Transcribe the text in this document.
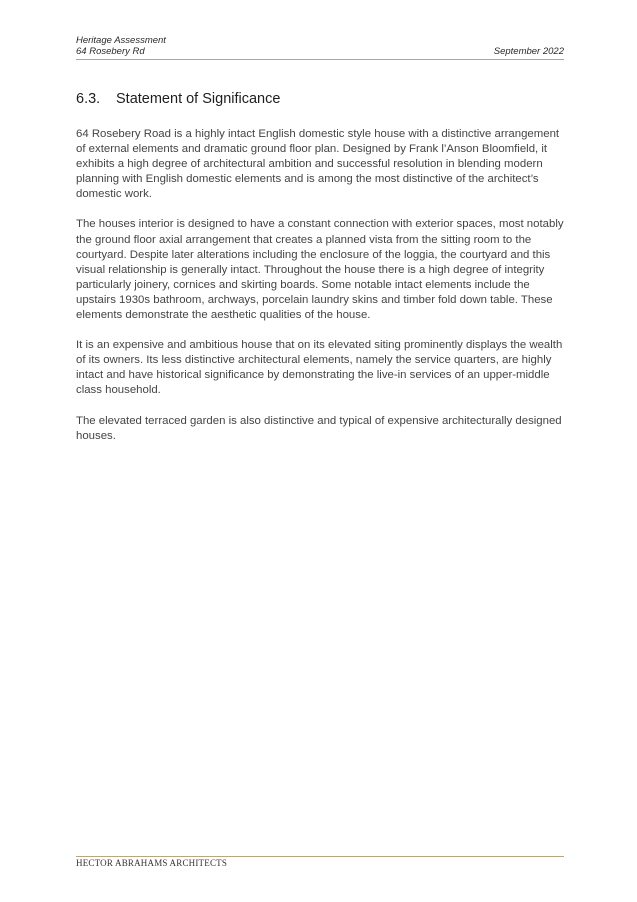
Heritage Assessment
64 Rosebery Rd	September 2022
6.3. Statement of Significance

64 Rosebery Road is a highly intact English domestic style house with a distinctive arrangement of external elements and dramatic ground floor plan. Designed by Frank l’Anson Bloomfield, it exhibits a high degree of architectural ambition and successful resolution in blending modern planning with English domestic elements and is among the most distinctive of the architect’s domestic work.

The houses interior is designed to have a constant connection with exterior spaces, most notably the ground floor axial arrangement that creates a planned vista from the sitting room to the courtyard. Despite later alterations including the enclosure of the loggia, the courtyard and this visual relationship is generally intact. Throughout the house there is a high degree of integrity particularly joinery, cornices and skirting boards. Some notable intact elements include the upstairs 1930s bathroom, archways, porcelain laundry skins and timber fold down table. These elements demonstrate the aesthetic qualities of the house.

It is an expensive and ambitious house that on its elevated siting prominently displays the wealth of its owners. Its less distinctive architectural elements, namely the service quarters, are highly intact and have historical significance by demonstrating the live-in services of an upper-middle class household.

The elevated terraced garden is also distinctive and typical of expensive architecturally designed houses.

HECTOR ABRAHAMS ARCHITECTS
